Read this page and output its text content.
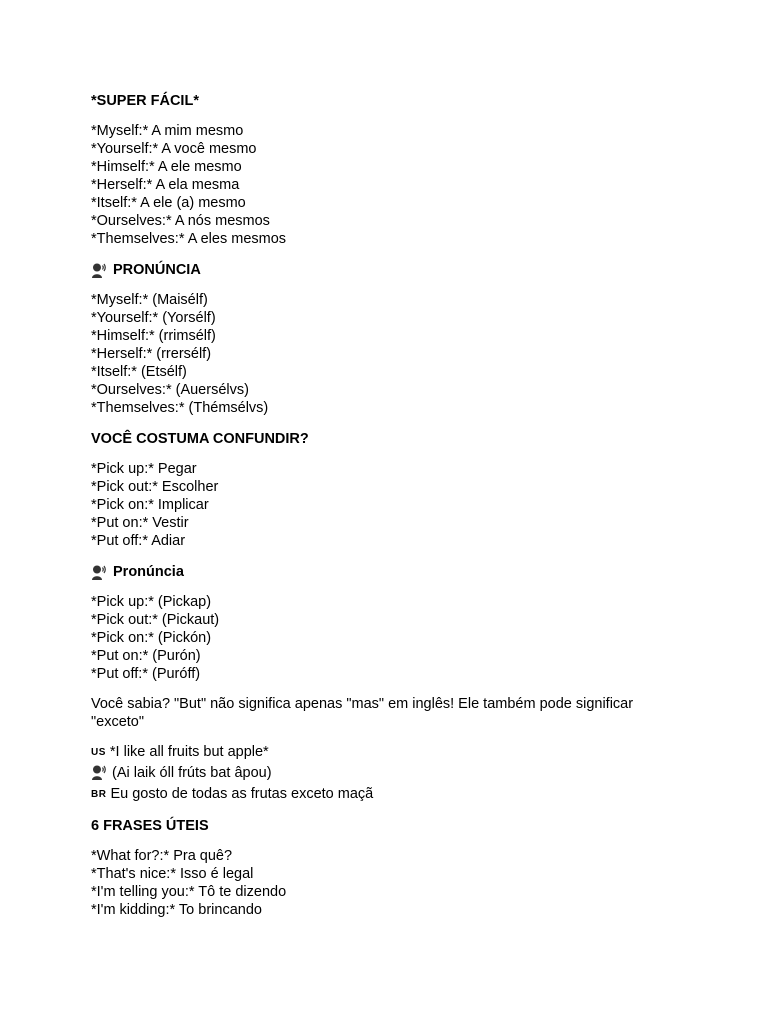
*SUPER FÁCIL*

*Myself:* A mim mesmo
*Yourself:* A você mesmo
*Himself:* A ele mesmo
*Herself:* A ela mesma
*Itself:* A ele (a) mesmo
*Ourselves:* A nós mesmos
*Themselves:* A eles mesmos

PRONÚNCIA

*Myself:* (Maisélf)
*Yourself:* (Yorsélf)
*Himself:* (rrimsélf)
*Herself:* (rrersélf)
*Itself:* (Etsélf)
*Ourselves:* (Auersélvs)
*Themselves:* (Thémsélvs)

VOCÊ COSTUMA CONFUNDIR?

*Pick up:* Pegar
*Pick out:* Escolher
*Pick on:* Implicar
*Put on:* Vestir
*Put off:* Adiar

Pronúncia

*Pick up:* (Pickap)
*Pick out:* (Pickaut)
*Pick on:* (Pickón)
*Put on:* (Purón)
*Put off:* (Puróff)

Você sabia? "But" não significa apenas "mas" em inglês! Ele também pode significar "exceto"

US *I like all fruits but apple*
(Ai laik óll frúts bat âpou)
BR Eu gosto de todas as frutas exceto maçã

6 FRASES ÚTEIS

*What for?:* Pra quê?
*That's nice:* Isso é legal
*I'm telling you:* Tô te dizendo
*I'm kidding:* To brincando
